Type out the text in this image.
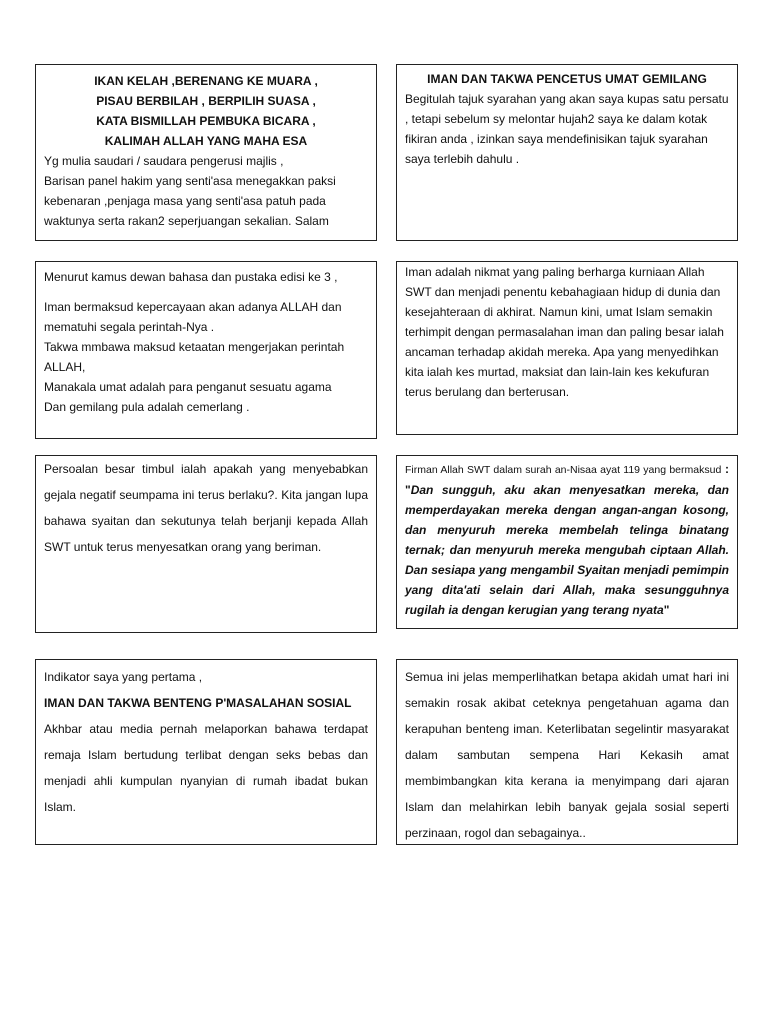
IKAN KELAH ,BERENANG KE MUARA ,

PISAU BERBILAH , BERPILIH SUASA ,

KATA BISMILLAH PEMBUKA BICARA ,

KALIMAH ALLAH YANG MAHA ESA

Yg mulia saudari / saudara pengerusi majlis ,

Barisan panel hakim yang senti'asa menegakkan paksi kebenaran ,penjaga masa yang senti'asa patuh pada waktunya serta rakan2 seperjuangan sekalian. Salam

IMAN DAN TAKWA PENCETUS UMAT GEMILANG

Begitulah tajuk syarahan yang akan saya kupas satu persatu , tetapi sebelum sy melontar hujah2 saya ke dalam kotak fikiran anda , izinkan saya mendefinisikan tajuk syarahan saya terlebih dahulu .

Menurut kamus dewan bahasa dan pustaka edisi ke 3 ,

Iman bermaksud kepercayaan akan adanya ALLAH dan mematuhi segala perintah-Nya .

Takwa mmbawa maksud ketaatan mengerjakan perintah ALLAH,

Manakala umat adalah para penganut sesuatu agama

Dan gemilang pula adalah cemerlang .

Iman adalah nikmat yang paling berharga kurniaan Allah SWT dan menjadi penentu kebahagiaan hidup di dunia dan kesejahteraan di akhirat. Namun kini, umat Islam semakin terhimpit dengan permasalahan iman dan paling besar ialah ancaman terhadap akidah mereka. Apa yang menyedihkan kita ialah kes murtad, maksiat dan lain-lain kes kekufuran terus berulang dan berterusan.

Persoalan besar timbul ialah apakah yang menyebabkan gejala negatif seumpama ini terus berlaku?. Kita jangan lupa bahawa syaitan dan sekutunya telah berjanji kepada Allah SWT untuk terus menyesatkan orang yang beriman.

Firman Allah SWT dalam surah an-Nisaa ayat 119 yang bermaksud : "Dan sungguh, aku akan menyesatkan mereka, dan memperdayakan mereka dengan angan-angan kosong, dan menyuruh mereka membelah telinga binatang ternak; dan menyuruh mereka mengubah ciptaan Allah. Dan sesiapa yang mengambil Syaitan menjadi pemimpin yang dita'ati selain dari Allah, maka sesungguhnya rugilah ia dengan kerugian yang terang nyata"

Indikator saya yang pertama ,

IMAN DAN TAKWA BENTENG P'MASALAHAN SOSIAL

Akhbar atau media pernah melaporkan bahawa terdapat remaja Islam bertudung terlibat dengan seks bebas dan menjadi ahli kumpulan nyanyian di rumah ibadat bukan Islam.

Semua ini jelas memperlihatkan betapa akidah umat hari ini semakin rosak akibat ceteknya pengetahuan agama dan kerapuhan benteng iman. Keterlibatan segelintir masyarakat dalam sambutan sempena Hari Kekasih amat membimbangkan kita kerana ia menyimpang dari ajaran Islam dan melahirkan lebih banyak gejala sosial seperti perzinaan, rogol dan sebagainya..
